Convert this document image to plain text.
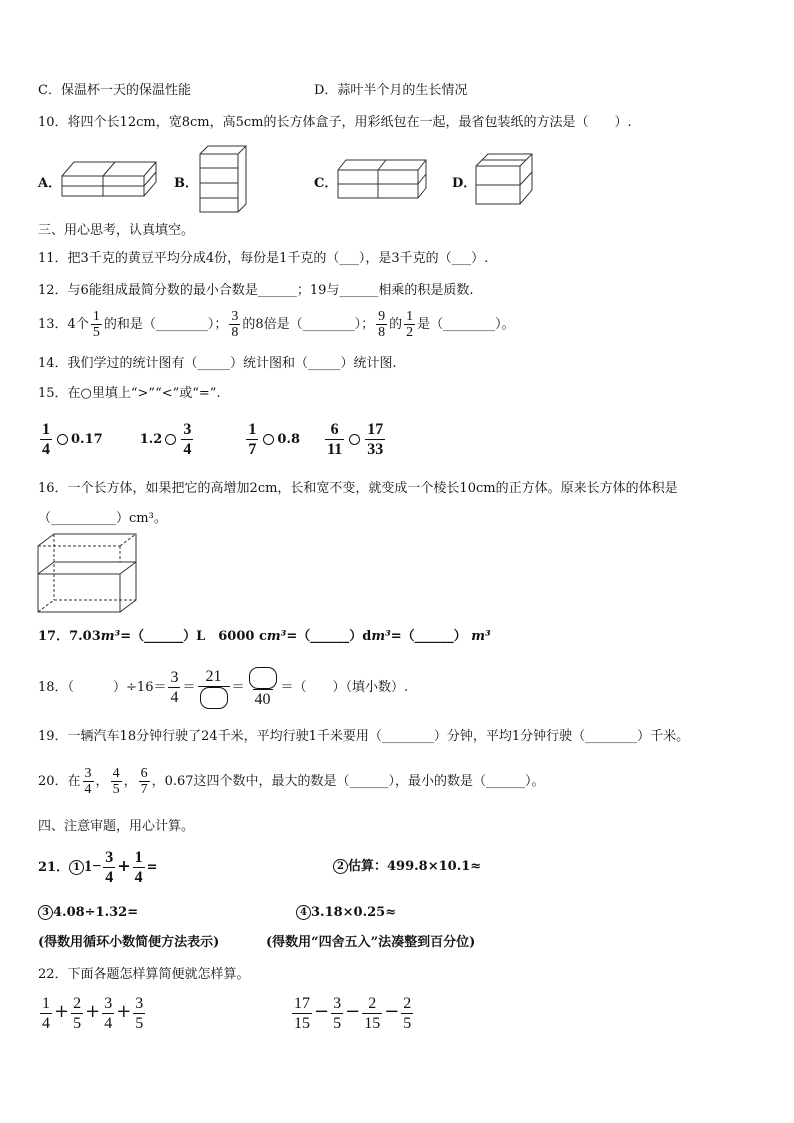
C．保温杯一天的保温性能	D．蒜叶半个月的生长情况
10．将四个长12cm，宽8cm，高5cm的长方体盒子，用彩纸包在一起，最省包装纸的方法是（　　）.
A．	B．	C．	D．
三、用心思考，认真填空。
11．把3千克的黄豆平均分成4份，每份是1千克的（___），是3千克的（___）.
12．与6能组成最简分数的最小合数是______；19与______相乘的积是质数.
13．4个 $\frac{1}{5}$ 的和是（________）； $\frac{3}{8}$ 的8倍是（________）； $\frac{9}{8}$ 的 $\frac{1}{2}$ 是（________）。
14．我们学过的统计图有（_____）统计图和（_____）统计图.
15．在○里填上“>”“<”或“=”.
$\frac{1}{4} 0.17$	$1.2 \frac{3}{4}$
	$\frac{1}{7} 0.8 \frac{6}{11} \frac{17}{33}$
16．一个长方体，如果把它的高增加2cm，长和宽不变，就变成一个棱长10cm的正方体。原来长方体的体积是
（__________）cm³。
17．7.03m³=（______）L　6000 cm³=（______）dm³=（______） m³
18．（　　　）$\div 16= \frac{3}{4}$ ＝
21
＝
40
＝（　　）（填小数）.
19．一辆汽车18分钟行驶了24千米，平均行驶1千米要用（________）分钟，平均1分钟行驶（________）千米。
20．在 $\frac{3}{4}$ ， $\frac{4}{5}$ ， $\frac{6}{7}$ ，0.67这四个数中，最大的数是（______），最小的数是（______）。
四、注意审题，用心计算。
21． 1 $1- \frac{3}{4} + \frac{1}{4}$ =	2 估算：499.8×10.1≈
3 4.08÷1.32=	4 3.18×0.25≈
(得数用循环小数简便方法表示)	(得数用“四舍五入”法凑整到百分位)
22．下面各题怎样算简便就怎样算。
$\frac{1}{4} + \frac{2}{5} + \frac{3}{4} + \frac{3}{5}$	$\frac{17}{15} - \frac{3}{5} - \frac{2}{15} - \frac{2}{5}$
